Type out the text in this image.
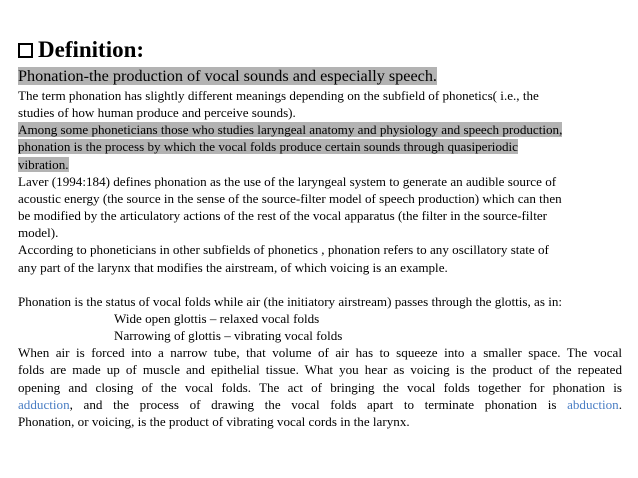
Definition:
Phonation-the production of vocal sounds and especially speech.
The term phonation has slightly different meanings depending on the subfield of phonetics( i.e., the
studies of how human produce and perceive sounds).
Among some phoneticians those who studies laryngeal anatomy and physiology and speech production,
phonation is the process by which the vocal folds produce certain sounds through quasiperiodic
vibration.
Laver (1994:184) defines phonation as the use of the laryngeal system to generate an audible source of
acoustic energy (the source in the sense of the source-filter model of speech production) which can then
be modified by the articulatory actions of the rest of the vocal apparatus (the filter in the source-filter
model).
According to phoneticians in other subfields of phonetics , phonation refers to any oscillatory state of
any part of the larynx that modifies the airstream, of which voicing is an example.
Phonation is the status of vocal folds while air (the initiatory airstream) passes through the glottis, as in:
Wide open glottis – relaxed vocal folds
Narrowing of glottis – vibrating vocal folds
When air is forced into a narrow tube, that volume of air has to squeeze into a smaller space. The vocal
folds are made up of muscle and epithelial tissue. What you hear as voicing is the product of the repeated
opening and closing of the vocal folds. The act of bringing the vocal folds together for phonation is
adduction, and the process of drawing the vocal folds apart to terminate phonation is abduction.
Phonation, or voicing, is the product of vibrating vocal cords in the larynx.
